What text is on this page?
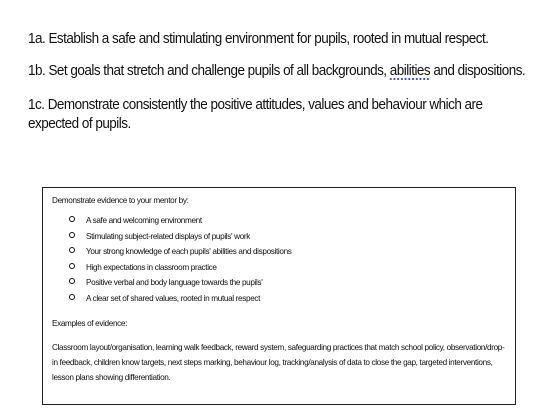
1a. Establish a safe and stimulating environment for pupils, rooted in mutual respect.
1b. Set goals that stretch and challenge pupils of all backgrounds, abilities and dispositions.
1c. Demonstrate consistently the positive attitudes, values and behaviour which are expected of pupils.

Demonstrate evidence to your mentor by:

A safe and welcoming environment
Stimulating subject-related displays of pupils' work
Your strong knowledge of each pupils' abilities and dispositions
High expectations in classroom practice
Positive verbal and body language towards the pupils'
A clear set of shared values, rooted in mutual respect

Examples of evidence:

Classroom layout/organisation, learning walk feedback, reward system, safeguarding practices that match school policy, observation/drop-in feedback, children know targets, next steps marking, behaviour log, tracking/analysis of data to close the gap, targeted interventions, lesson plans showing differentiation.
